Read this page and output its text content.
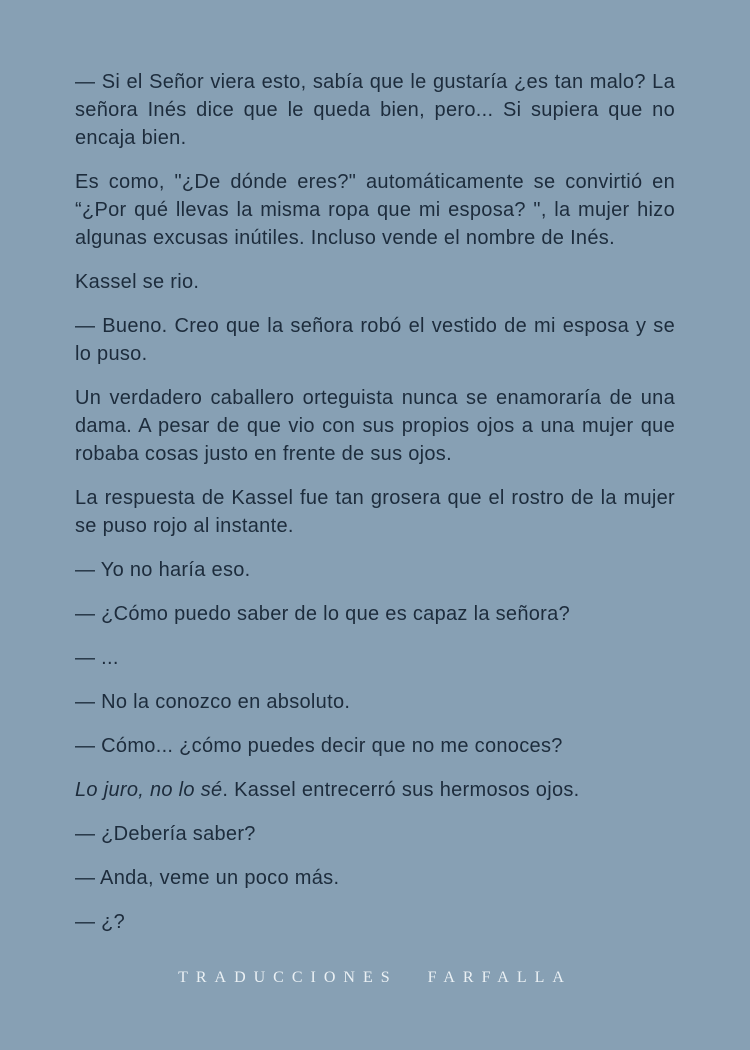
— Si el Señor viera esto, sabía que le gustaría ¿es tan malo? La señora Inés dice que le queda bien, pero... Si supiera que no encaja bien.

Es como, "¿De dónde eres?" automáticamente se convirtió en “¿Por qué llevas la misma ropa que mi esposa? ", la mujer hizo algunas excusas inútiles. Incluso vende el nombre de Inés.

Kassel se rio.

— Bueno. Creo que la señora robó el vestido de mi esposa y se lo puso.

Un verdadero caballero orteguista nunca se enamoraría de una dama. A pesar de que vio con sus propios ojos a una mujer que robaba cosas justo en frente de sus ojos.

La respuesta de Kassel fue tan grosera que el rostro de la mujer se puso rojo al instante.

— Yo no haría eso.

— ¿Cómo puedo saber de lo que es capaz la señora?

— ...

— No la conozco en absoluto.

— Cómo... ¿cómo puedes decir que no me conoces?

Lo juro, no lo sé. Kassel entrecerró sus hermosos ojos.

— ¿Debería saber?

— Anda, veme un poco más.

— ¿?

TRADUCCIONES FARFALLA
